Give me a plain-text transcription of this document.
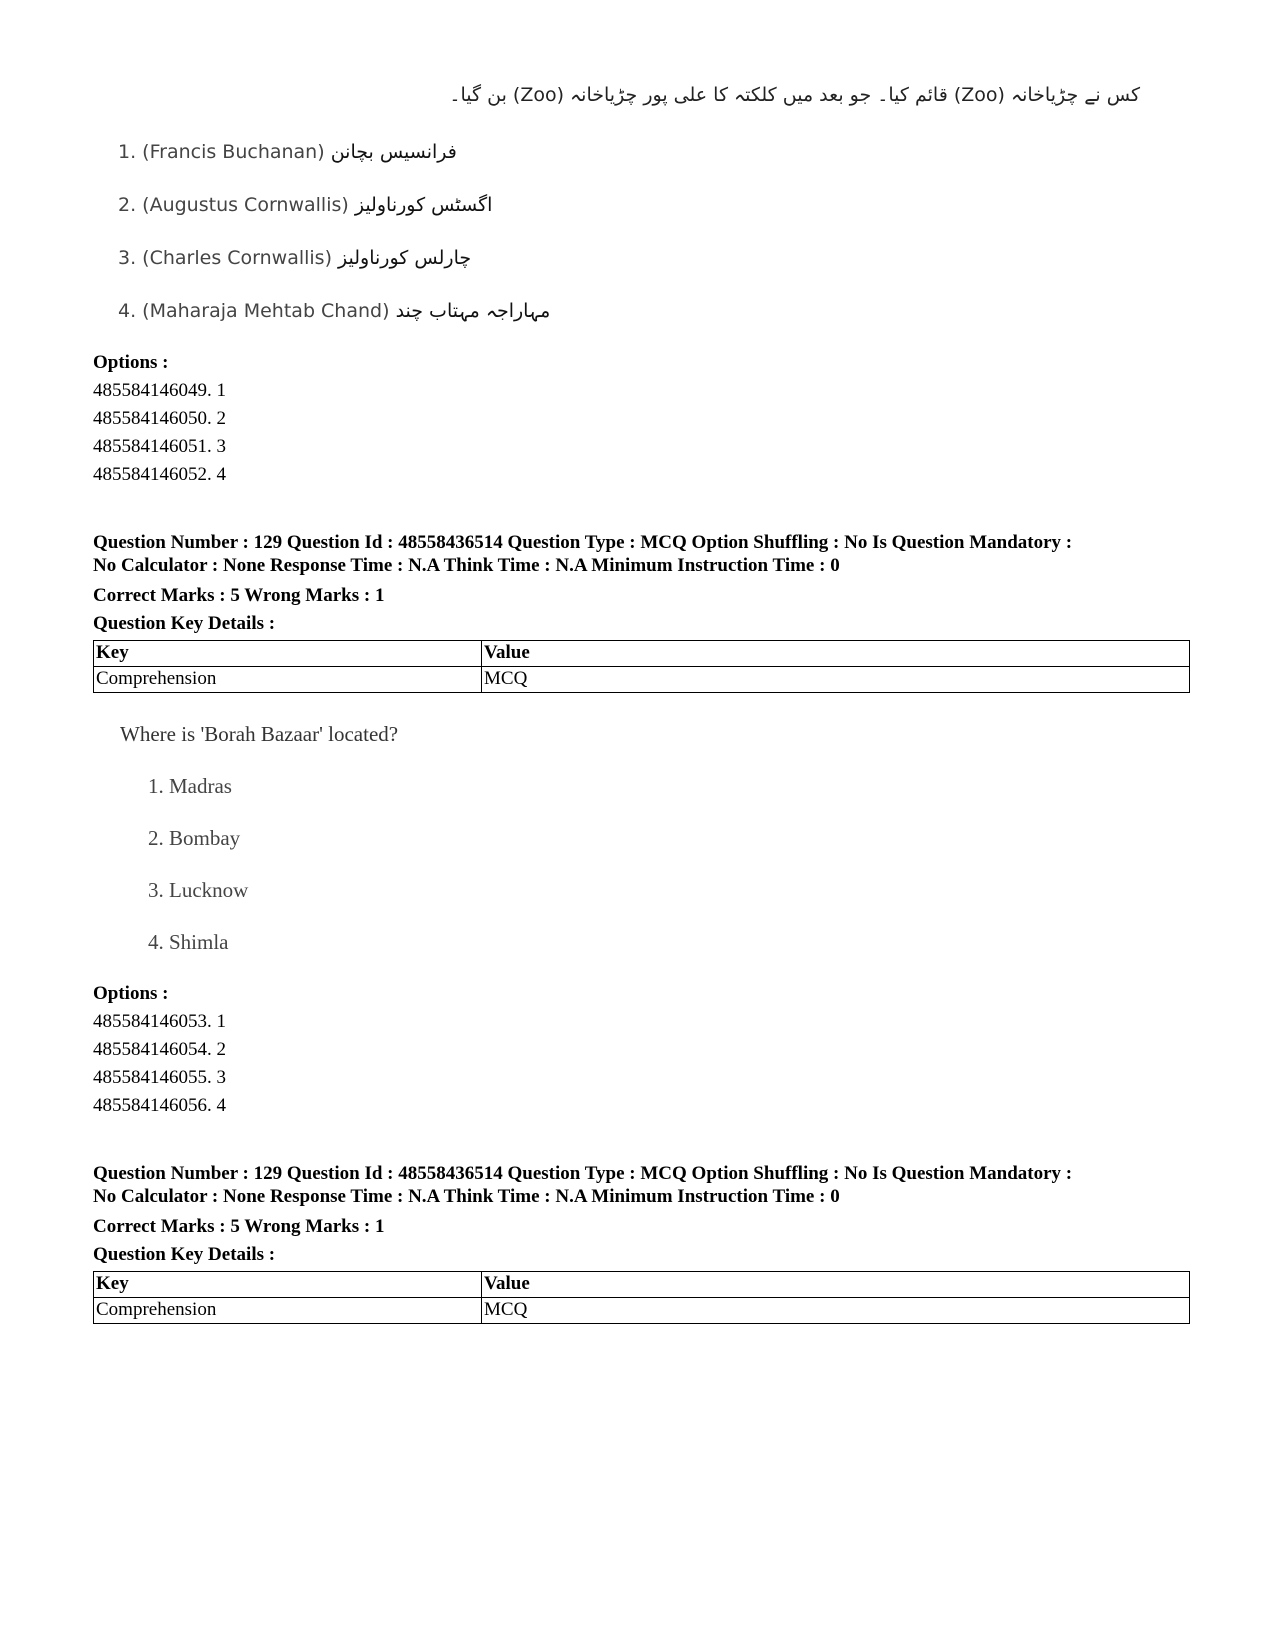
کس نے چڑیاخانہ (Zoo) قائم کیا۔ جو بعد میں کلکتہ کا علی پور چڑیاخانہ (Zoo) بن گیا۔
1. (Francis Buchanan) فرانسیس بچانن
2. (Augustus Cornwallis) اگسٹس کورناولیز
3. (Charles Cornwallis) چارلس کورناولیز
4. (Maharaja Mehtab Chand) مہاراجہ مہتاب چند
Options :
485584146049. 1
485584146050. 2
485584146051. 3
485584146052. 4
Question Number : 129 Question Id : 48558436514 Question Type : MCQ Option Shuffling : No Is Question Mandatory :
No Calculator : None Response Time : N.A Think Time : N.A Minimum Instruction Time : 0
Correct Marks : 5 Wrong Marks : 1
Question Key Details :
Key	Value
Comprehension	MCQ
Where is 'Borah Bazaar' located?
1. Madras
2. Bombay
3. Lucknow
4. Shimla
Options :
485584146053. 1
485584146054. 2
485584146055. 3
485584146056. 4
Question Number : 129 Question Id : 48558436514 Question Type : MCQ Option Shuffling : No Is Question Mandatory :
No Calculator : None Response Time : N.A Think Time : N.A Minimum Instruction Time : 0
Correct Marks : 5 Wrong Marks : 1
Question Key Details :
Key	Value
Comprehension	MCQ
